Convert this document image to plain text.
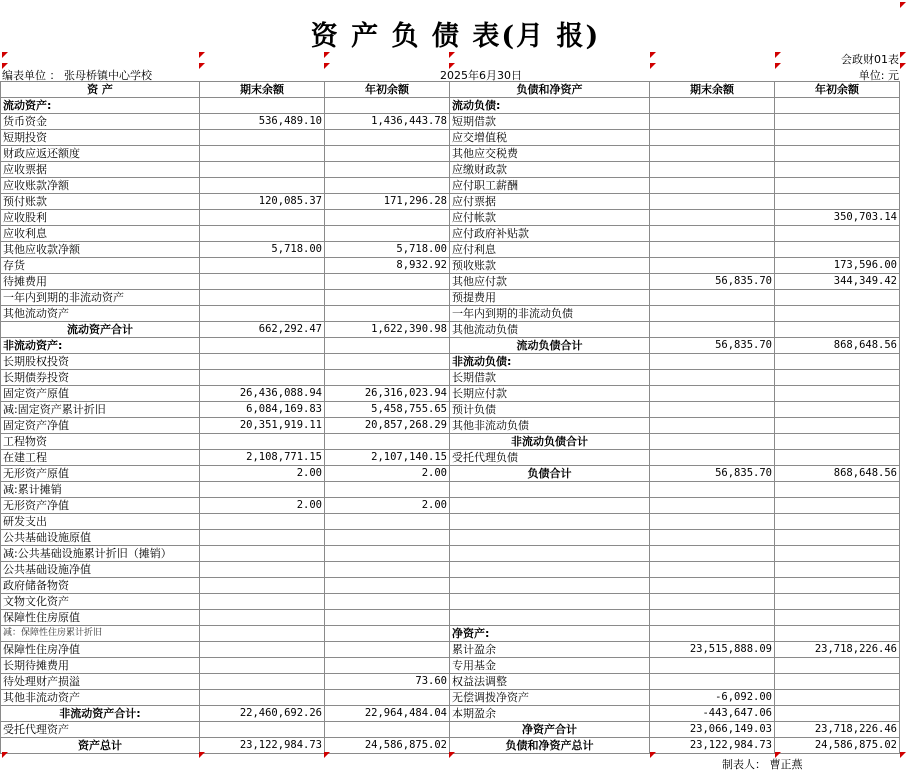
资 产 负 债 表(月 报)
会政财01表
编表单位 ： 张母桥镇中心学校	2025年6月30日	单位: 元
资 产	期末余额	年初余额	负债和净资产	期末余额	年初余额
流动资产:			流动负债:		
货币资金	536,489.10	1,436,443.78	短期借款		
短期投资			应交增值税		
财政应返还额度			其他应交税费		
应收票据			应缴财政款		
应收账款净额			应付职工薪酬		
预付账款	120,085.37	171,296.28	应付票据		
应收股利			应付帐款		350,703.14
应收利息			应付政府补贴款		
其他应收款净额	5,718.00	5,718.00	应付利息		
存货		8,932.92	预收账款		173,596.00
待摊费用			其他应付款	56,835.70	344,349.42
一年内到期的非流动资产			预提费用		
其他流动资产			一年内到期的非流动负债		
流动资产合计	662,292.47	1,622,390.98	其他流动负债		
非流动资产:			流动负债合计	56,835.70	868,648.56
长期股权投资			非流动负债:		
长期债券投资			长期借款		
固定资产原值	26,436,088.94	26,316,023.94	长期应付款		
减:固定资产累计折旧	6,084,169.83	5,458,755.65	预计负债		
固定资产净值	20,351,919.11	20,857,268.29	其他非流动负债		
工程物资			非流动负债合计		
在建工程	2,108,771.15	2,107,140.15	受托代理负债		
无形资产原值	2.00	2.00	负债合计	56,835.70	868,648.56
减:累计摊销					
无形资产净值	2.00	2.00			
研发支出					
公共基础设施原值					
减:公共基础设施累计折旧（摊销）					
公共基础设施净值					
政府储备物资					
文物文化资产					
保障性住房原值					
减：保障性住房累计折旧			净资产:		
保障性住房净值			累计盈余	23,515,888.09	23,718,226.46
长期待摊费用			专用基金		
待处理财产损溢		73.60	权益法调整		
其他非流动资产			无偿调拨净资产	-6,092.00	
非流动资产合计:	22,460,692.26	22,964,484.04	本期盈余	-443,647.06	
受托代理资产			净资产合计	23,066,149.03	23,718,226.46
资产总计	23,122,984.73	24,586,875.02	负债和净资产总计	23,122,984.73	24,586,875.02
制表人： 曹正燕
